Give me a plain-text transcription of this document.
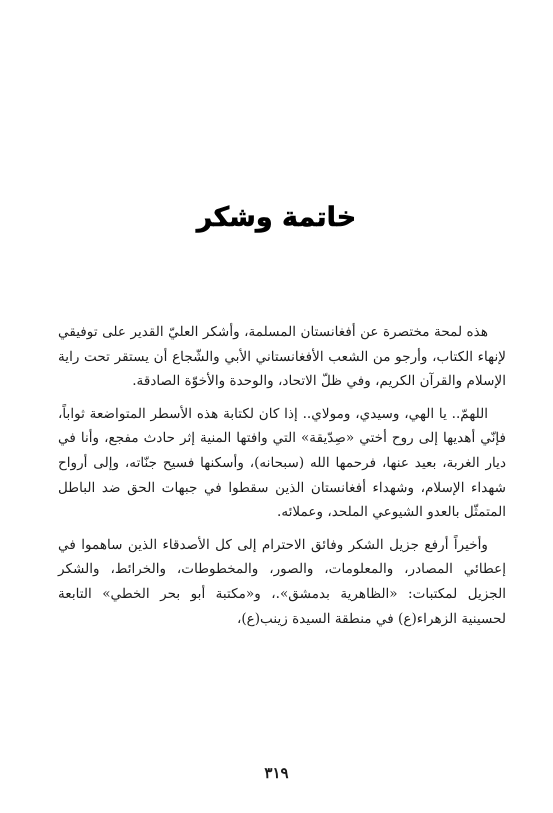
خاتمة وشكر

هذه لمحة مختصرة عن أفغانستان المسلمة، وأشكر العليّ القدير على توفيقي لإنهاء الكتاب، وأرجو من الشعب الأفغانستاني الأبي والشّجاع أن يستقر تحت راية الإسلام والقرآن الكريم، وفي ظلّ الاتحاد، والوحدة والأخوّة الصادقة.

اللهمّ.. يا الهي، وسيدي، ومولاي.. إذا كان لكتابة هذه الأسطر المتواضعة ثواباً، فإنّي أهديها إلى روح أختي «صِدّيقة» التي وافتها المنية إثر حادث مفجع، وأنا في ديار الغربة، بعيد عنها، فرحمها الله (سبحانه)، وأسكنها فسيح جنّاته، وإلى أرواح شهداء الإسلام، وشهداء أفغانستان الذين سقطوا في جبهات الحق ضد الباطل المتمثّل بالعدو الشيوعي الملحد، وعملائه.

وأخيراً أرفع جزيل الشكر وفائق الاحترام إلى كل الأصدقاء الذين ساهموا في إعطائي المصادر، والمعلومات، والصور، والمخطوطات، والخرائط، والشكر الجزيل لمكتبات: «الظاهرية بدمشق».، و«مكتبة أبو بحر الخطي» التابعة لحسينية الزهراء(ع) في منطقة السيدة زينب(ع)،

٣١٩
